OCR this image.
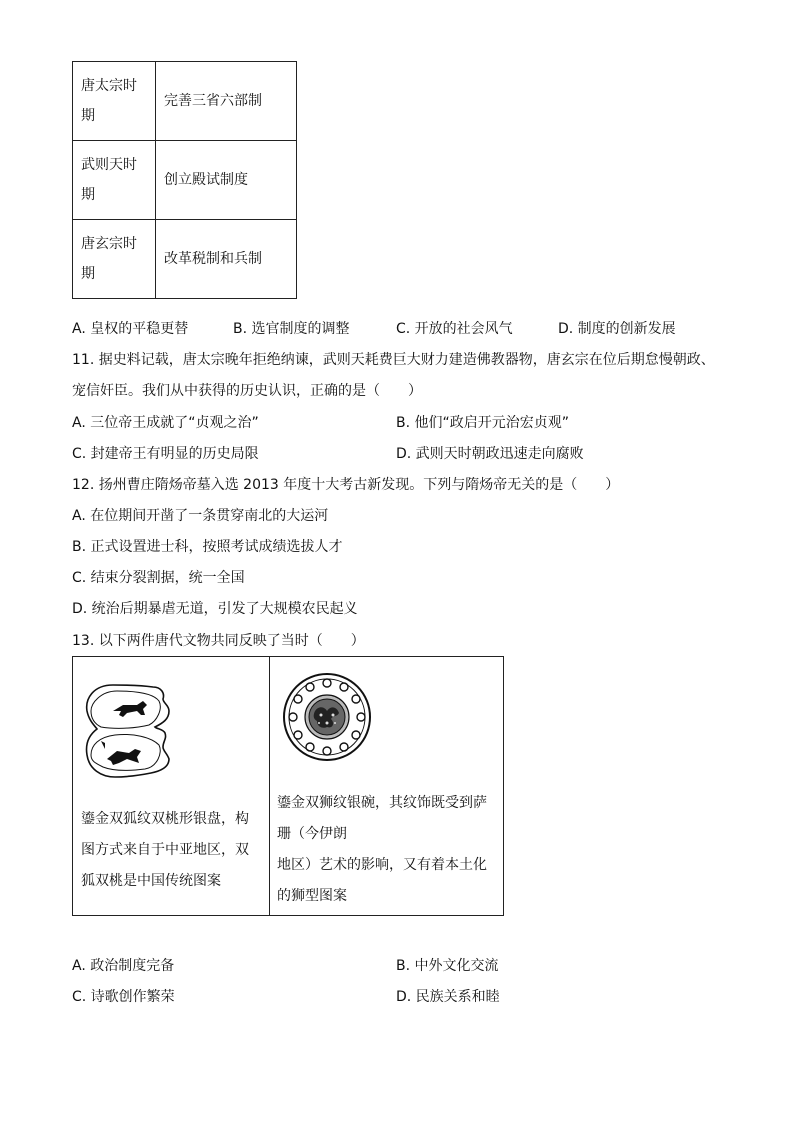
唐太宗时期	完善三省六部制
武则天时期	创立殿试制度
唐玄宗时期	改革税制和兵制
A. 皇权的平稳更替	B. 选官制度的调整	C. 开放的社会风气	D. 制度的创新发展
11. 据史料记载，唐太宗晚年拒绝纳谏，武则天耗费巨大财力建造佛教器物，唐玄宗在位后期怠慢朝政、
宠信奸臣。我们从中获得的历史认识，正确的是（　　）
A. 三位帝王成就了“贞观之治”	B. 他们“政启开元治宏贞观”
C. 封建帝王有明显的历史局限	D. 武则天时朝政迅速走向腐败
12. 扬州曹庄隋炀帝墓入选 2013 年度十大考古新发现。下列与隋炀帝无关的是（　　）
A. 在位期间开凿了一条贯穿南北的大运河
B. 正式设置进士科，按照考试成绩选拔人才
C. 结束分裂割据，统一全国
D. 统治后期暴虐无道，引发了大规模农民起义
13. 以下两件唐代文物共同反映了当时（　　）
鎏金双狐纹双桃形银盘，构
图方式来自于中亚地区，双
狐双桃是中国传统图案
鎏金双狮纹银碗，其纹饰既受到萨
珊（今伊朗
地区）艺术的影响，又有着本土化
的狮型图案
A. 政治制度完备	B. 中外文化交流
C. 诗歌创作繁荣	D. 民族关系和睦
